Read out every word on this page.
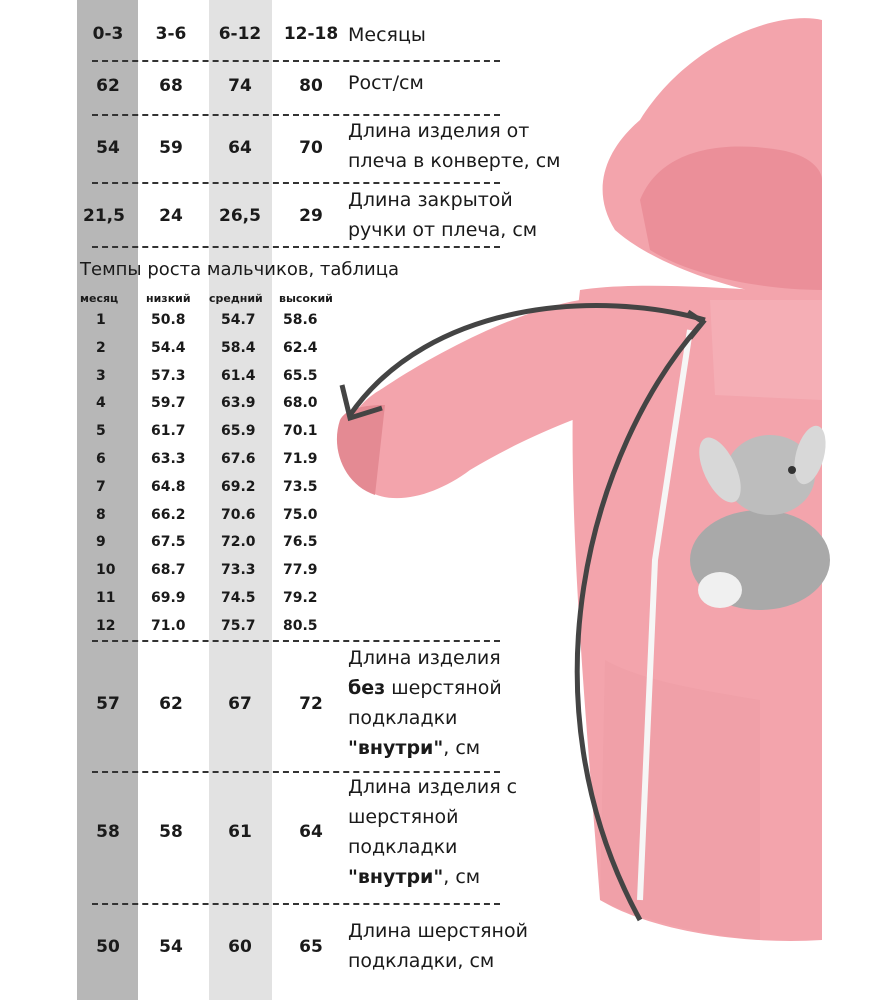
0-3	3-6	6-12	12-18 Месяцы
62	68	74	80	Рост/см
54	59	64	70
Длина изделия от
плеча в конверте, см
21,5	24	26,5	29
Длина закрытой
ручки от плеча, см
Темпы роста мальчиков, таблица
месяц	низкий средний высокий
1	50.8	54.7 58.6
2	54.4	58.4 62.4
3	57.3	61.4 65.5
4	59.7	63.9 68.0
5	61.7	65.9 70.1
6	63.3	67.6 71.9
7	64.8	69.2 73.5
8	66.2	70.6 75.0
9	67.5	72.0 76.5
10	68.7	73.3 77.9
11	69.9	74.5 79.2
12	71.0	75.7 80.5
57	62	67	72
Длина изделия
без шерстяной
подкладки
"внутри", см
58	58	61	64
Длина изделия с
шерстяной
подкладки
"внутри", см
50	54	60	65
Длина шерстяной
подкладки, см
